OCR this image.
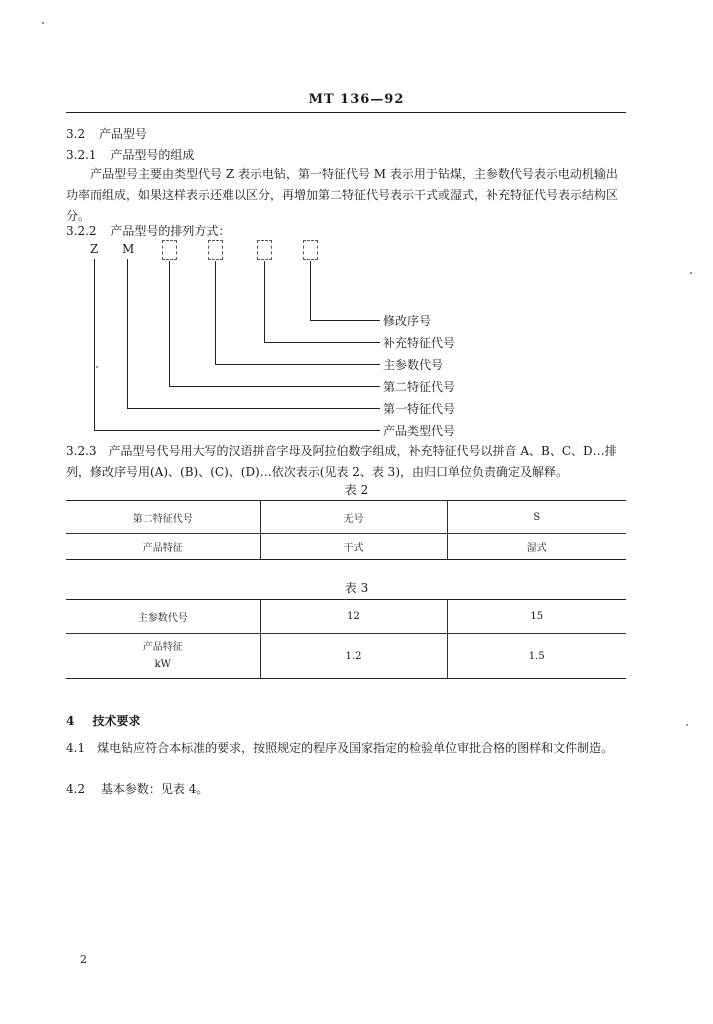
MT 136—92
3.2 产品型号
3.2.1 产品型号的组成
产品型号主要由类型代号 Z 表示电钻，第一特征代号 M 表示用于钻煤，主参数代号表示电动机输出功率而组成，如果这样表示还难以区分，再增加第二特征代号表示干式或湿式，补充特征代号表示结构区分。
3.2.2 产品型号的排列方式：
Z M
修改序号
补充特征代号
主参数代号
第二特征代号
第一特征代号
产品类型代号
3.2.3 产品型号代号用大写的汉语拼音字母及阿拉伯数字组成，补充特征代号以拼音 A、B、C、D…排列，修改序号用(A)、(B)、(C)、(D)…依次表示(见表 2、表 3)，由归口单位负责确定及解释。
表 2
第二特征代号	无号	S
产品特征	干式	湿式
表 3
主参数代号	12	15

产品特征
kW	1.2	1.5
4 技术要求
4.1 煤电钻应符合本标准的要求，按照规定的程序及国家指定的检验单位审批合格的图样和文件制造。
4.2 基本参数：见表 4。
2
